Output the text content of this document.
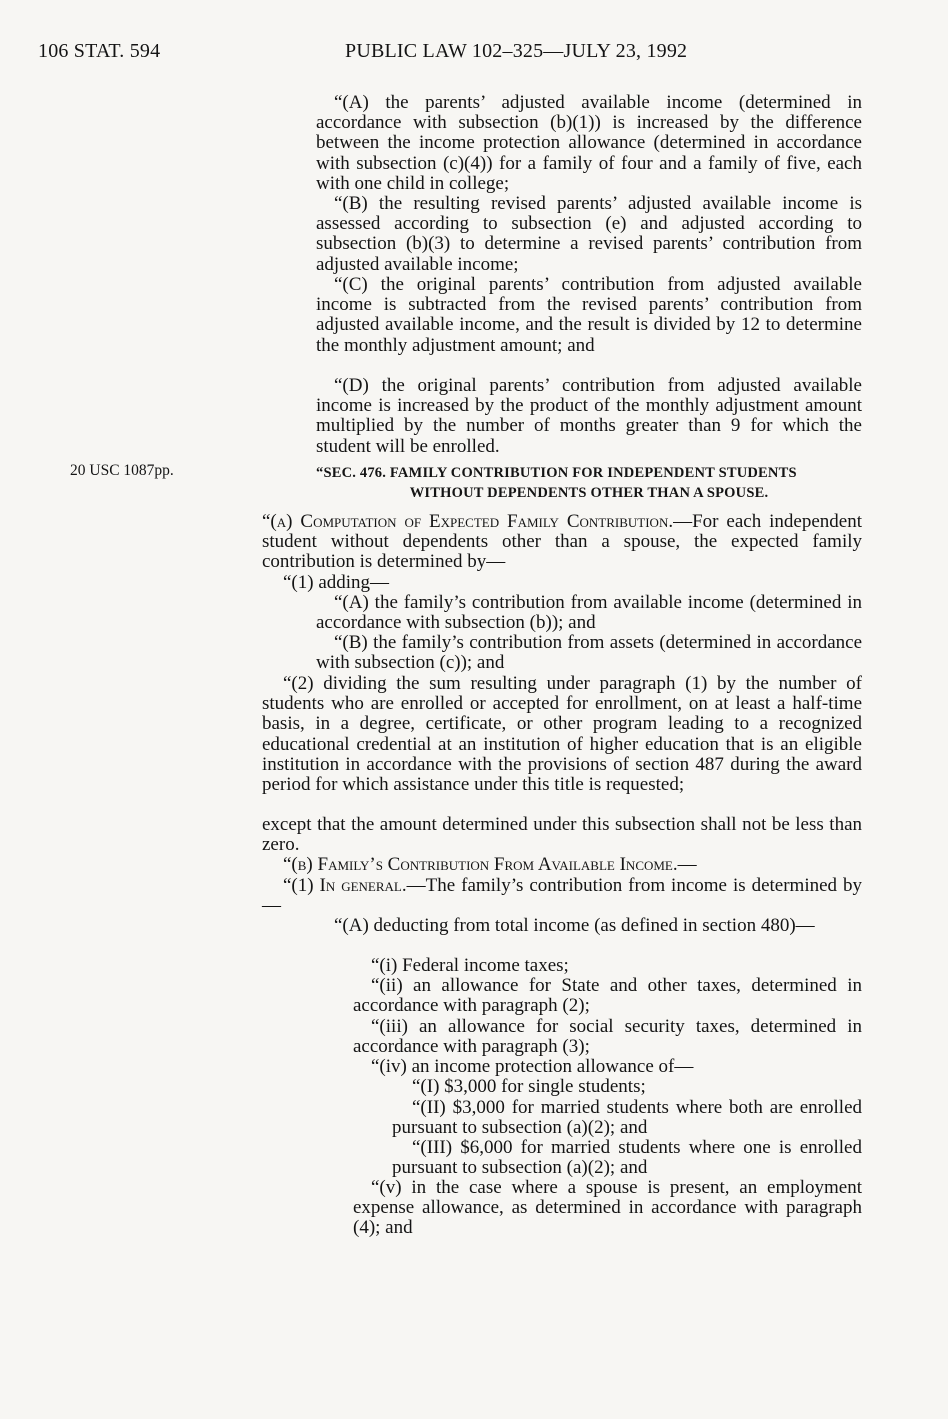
106 STAT. 594	PUBLIC LAW 102–325—JULY 23, 1992
20 USC 1087pp.

“(A) the parents’ adjusted available income (determined in accordance with subsection (b)(1)) is increased by the difference between the income protection allowance (determined in accordance with subsection (c)(4)) for a family of four and a family of five, each with one child in college;

“(B) the resulting revised parents’ adjusted available income is assessed according to subsection (e) and adjusted according to subsection (b)(3) to determine a revised parents’ contribution from adjusted available income;

“(C) the original parents’ contribution from adjusted available income is subtracted from the revised parents’ contribution from adjusted available income, and the result is divided by 12 to determine the monthly adjustment amount; and

“(D) the original parents’ contribution from adjusted available income is increased by the product of the monthly adjustment amount multiplied by the number of months greater than 9 for which the student will be enrolled.

“SEC. 476. FAMILY CONTRIBUTION FOR INDEPENDENT STUDENTS
WITHOUT DEPENDENTS OTHER THAN A SPOUSE.

“(a) Computation of Expected Family Contribution.—For each independent student without dependents other than a spouse, the expected family contribution is determined by—

“(1) adding—

“(A) the family’s contribution from available income (determined in accordance with subsection (b)); and

“(B) the family’s contribution from assets (determined in accordance with subsection (c)); and

“(2) dividing the sum resulting under paragraph (1) by the number of students who are enrolled or accepted for enrollment, on at least a half-time basis, in a degree, certificate, or other program leading to a recognized educational credential at an institution of higher education that is an eligible institution in accordance with the provisions of section 487 during the award period for which assistance under this title is requested;

except that the amount determined under this subsection shall not be less than zero.

“(b) Family’s Contribution From Available Income.—

“(1) In general.—The family’s contribution from income is determined by—

“(A) deducting from total income (as defined in section 480)—

“(i) Federal income taxes;

“(ii) an allowance for State and other taxes, determined in accordance with paragraph (2);

“(iii) an allowance for social security taxes, determined in accordance with paragraph (3);

“(iv) an income protection allowance of—

“(I) $3,000 for single students;

“(II) $3,000 for married students where both are enrolled pursuant to subsection (a)(2); and

“(III) $6,000 for married students where one is enrolled pursuant to subsection (a)(2); and

“(v) in the case where a spouse is present, an employment expense allowance, as determined in accordance with paragraph (4); and
